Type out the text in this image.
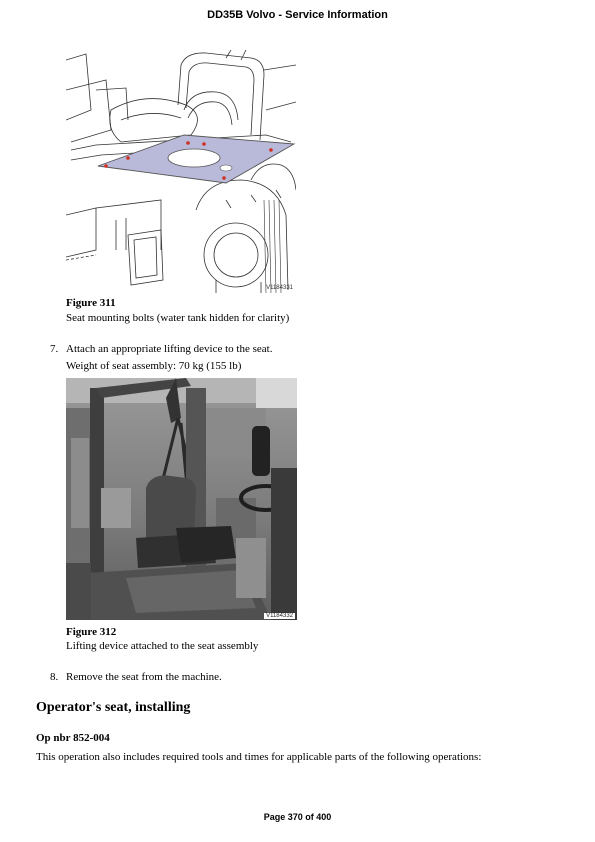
DD35B Volvo - Service Information
V1184331
Figure 311
Seat mounting bolts (water tank hidden for clarity)
7. Attach an appropriate lifting device to the seat.
Weight of seat assembly: 70 kg (155 lb)
V1184332
Figure 312
Lifting device attached to the seat assembly
8. Remove the seat from the machine.
Operator's seat, installing
Op nbr 852-004
This operation also includes required tools and times for applicable parts of the following operations:
Page 370 of 400
